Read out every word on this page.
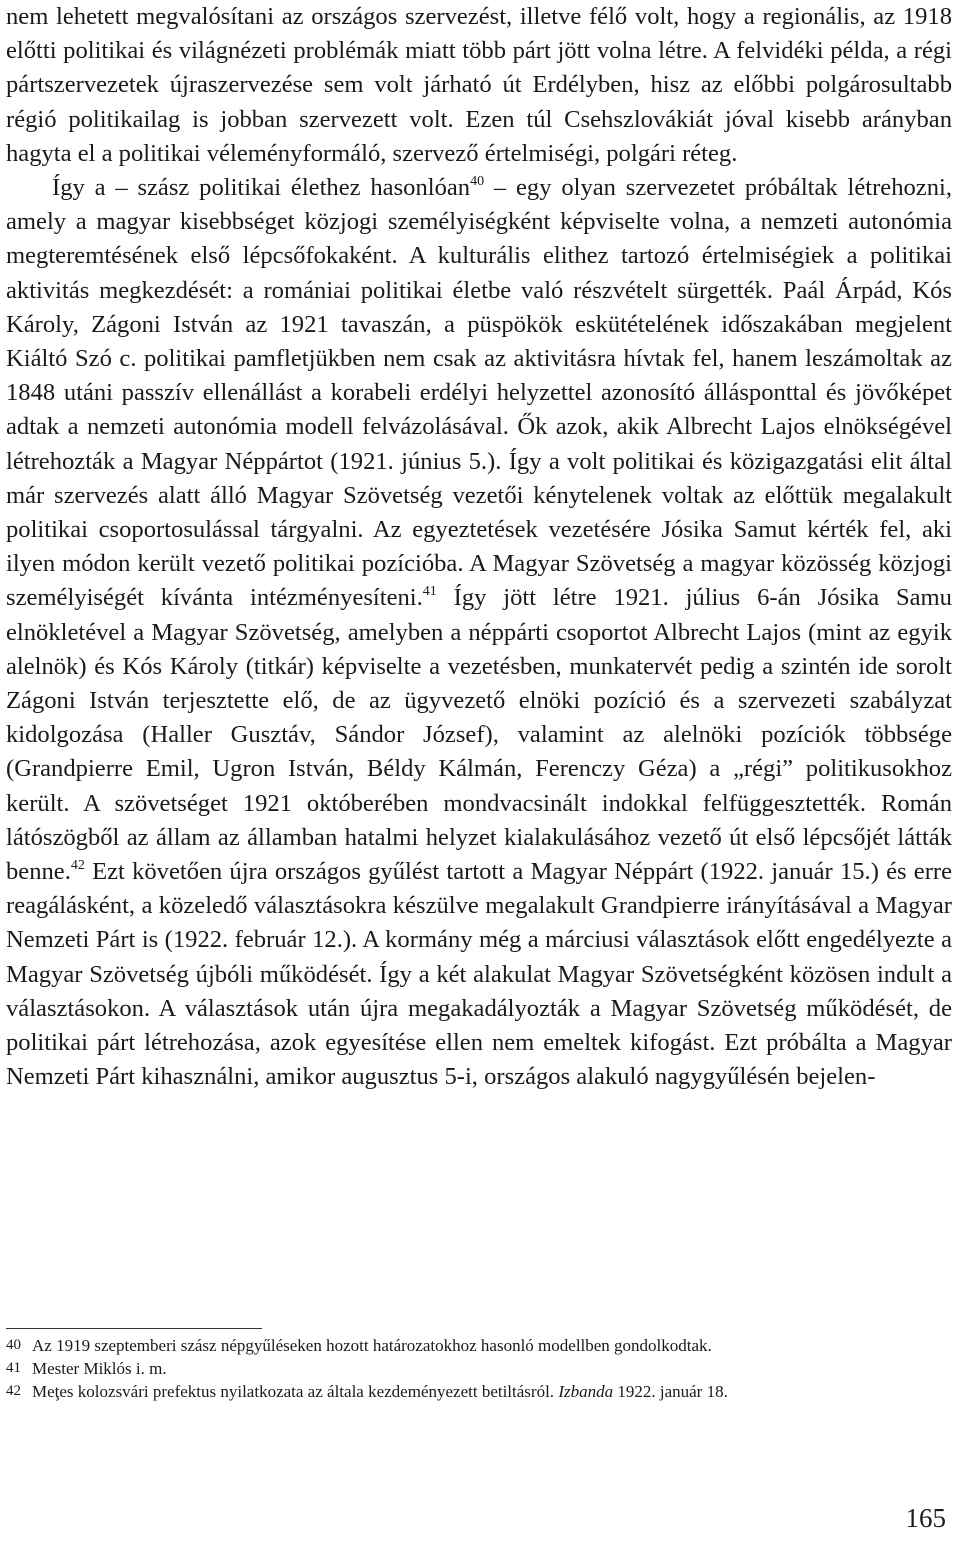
nem lehetett megvalósítani az országos szervezést, illetve félő volt, hogy a regionális, az 1918 előtti politikai és világnézeti problémák miatt több párt jött volna létre. A felvidéki példa, a régi pártszervezetek újraszervezése sem volt járható út Erdélyben, hisz az előbbi polgárosultabb régió politikailag is jobban szervezett volt. Ezen túl Csehszlovákiát jóval kisebb arányban hagyta el a politikai véleményformáló, szervező értelmiségi, polgári réteg.

Így a – szász politikai élethez hasonlóan$^{40}$ – egy olyan szervezetet próbáltak létrehozni, amely a magyar kisebbséget közjogi személyiségként képviselte volna, a nemzeti autonómia megteremtésének első lépcsőfokaként. A kulturális elithez tartozó értelmiségiek a politikai aktivitás megkezdését: a romániai politikai életbe való részvételt sürgették. Paál Árpád, Kós Károly, Zágoni István az 1921 tavaszán, a püspökök eskütételének időszakában megjelent Kiáltó Szó c. politikai pamfletjükben nem csak az aktivitásra hívtak fel, hanem leszámoltak az 1848 utáni passzív ellenállást a korabeli erdélyi helyzettel azonosító állásponttal és jövőképet adtak a nemzeti autonómia modell felvázolásával. Ők azok, akik Albrecht Lajos elnökségével létrehozták a Magyar Néppártot (1921. június 5.). Így a volt politikai és közigazgatási elit által már szervezés alatt álló Magyar Szövetség vezetői kénytelenek voltak az előttük megalakult politikai csoportosulással tárgyalni. Az egyeztetések vezetésére Jósika Samut kérték fel, aki ilyen módon került vezető politikai pozícióba. A Magyar Szövetség a magyar közösség közjogi személyiségét kívánta intézményesíteni.$^{41}$ Így jött létre 1921. július 6-án Jósika Samu elnökletével a Magyar Szövetség, amelyben a néppárti csoportot Albrecht Lajos (mint az egyik alelnök) és Kós Károly (titkár) képviselte a vezetésben, munkatervét pedig a szintén ide sorolt Zágoni István terjesztette elő, de az ügyvezető elnöki pozíció és a szervezeti szabályzat kidolgozása (Haller Gusztáv, Sándor József), valamint az alelnöki pozíciók többsége (Grandpierre Emil, Ugron István, Béldy Kálmán, Ferenczy Géza) a „régi” politikusokhoz került. A szövetséget 1921 októberében mondvacsinált indokkal felfüggesztették. Román látószögből az állam az államban hatalmi helyzet kialakulásához vezető út első lépcsőjét látták benne.$^{42}$ Ezt követően újra országos gyűlést tartott a Magyar Néppárt (1922. január 15.) és erre reagálásként, a közeledő választásokra készülve megalakult Grandpierre irányításával a Magyar Nemzeti Párt is (1922. február 12.). A kormány még a márciusi választások előtt engedélyezte a Magyar Szövetség újbóli működését. Így a két alakulat Magyar Szövetségként közösen indult a választásokon. A választások után újra megakadályozták a Magyar Szövetség működését, de politikai párt létrehozása, azok egyesítése ellen nem emeltek kifogást. Ezt próbálta a Magyar Nemzeti Párt kihasználni, amikor augusztus 5-i, országos alakuló nagygyűlésén bejelen-

40 Az 1919 szeptemberi szász népgyűléseken hozott határozatokhoz hasonló modellben gondolkodtak.
41 Mester Miklós i. m.
42 Meţes kolozsvári prefektus nyilatkozata az általa kezdeményezett betiltásról. Izbanda 1922. január 18.
165
